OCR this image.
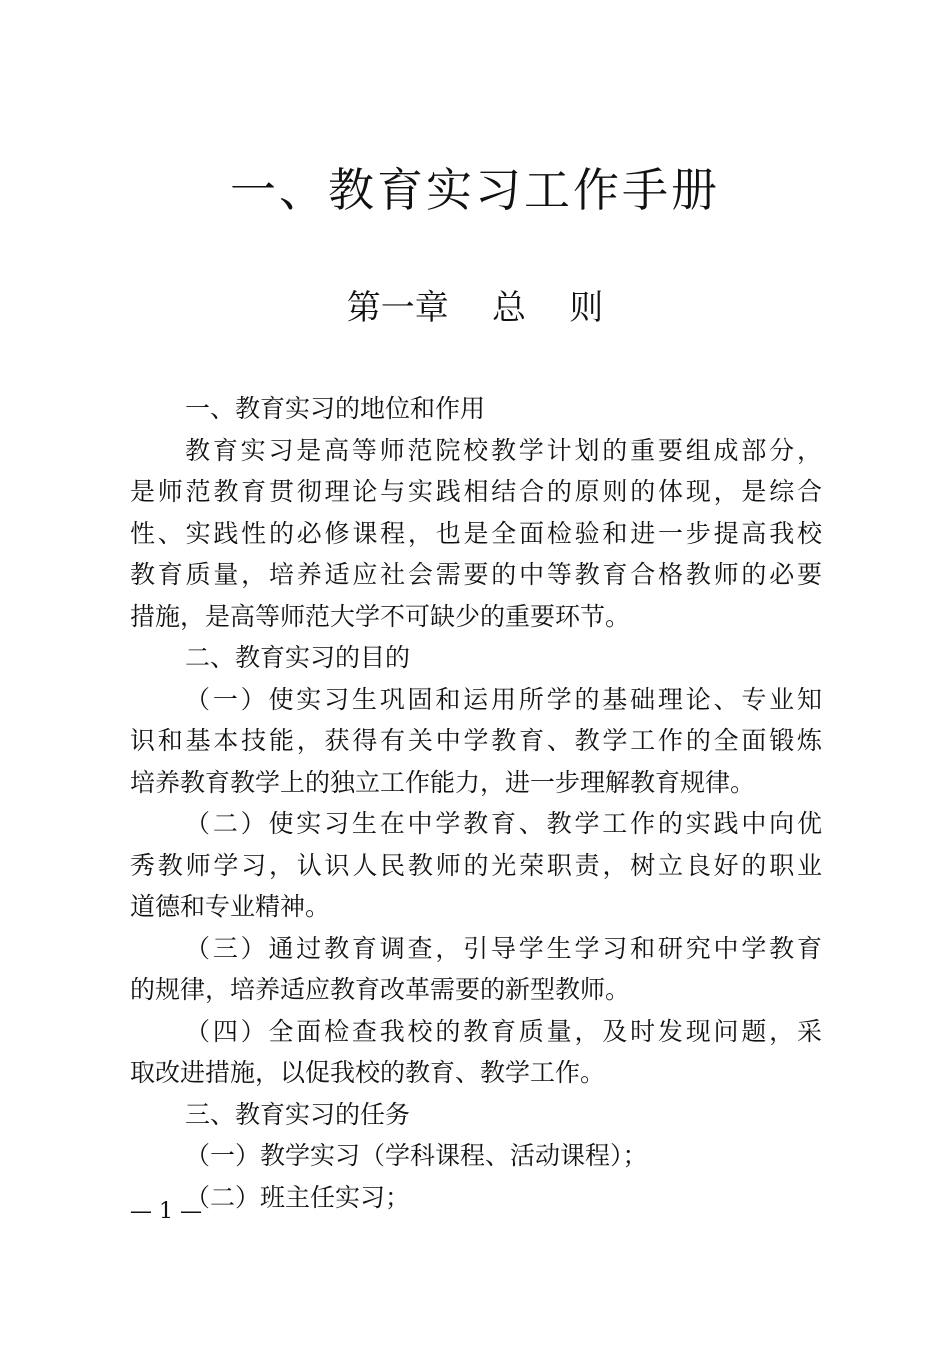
一、教育实习工作手册
第一章    总    则
一、教育实习的地位和作用
教育实习是高等师范院校教学计划的重要组成部分，
是师范教育贯彻理论与实践相结合的原则的体现，是综合
性、实践性的必修课程，也是全面检验和进一步提高我校
教育质量，培养适应社会需要的中等教育合格教师的必要
措施，是高等师范大学不可缺少的重要环节。
二、教育实习的目的
（一）使实习生巩固和运用所学的基础理论、专业知
识和基本技能，获得有关中学教育、教学工作的全面锻炼
培养教育教学上的独立工作能力，进一步理解教育规律。
（二）使实习生在中学教育、教学工作的实践中向优
秀教师学习，认识人民教师的光荣职责，树立良好的职业
道德和专业精神。
（三）通过教育调查，引导学生学习和研究中学教育
的规律，培养适应教育改革需要的新型教师。
（四）全面检查我校的教育质量，及时发现问题，采
取改进措施，以促我校的教育、教学工作。
三、教育实习的任务
（一）教学实习（学科课程、活动课程）；
（二）班主任实习；
— 1 —
